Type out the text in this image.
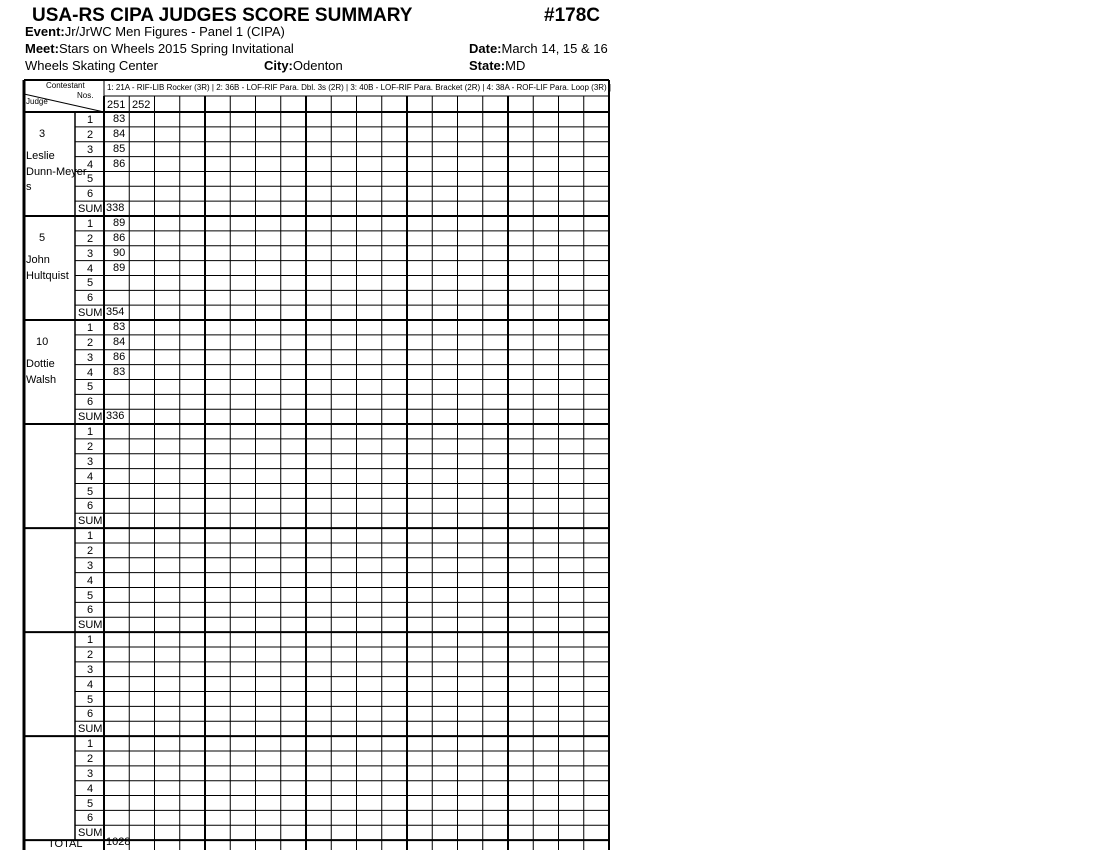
USA-RS CIPA JUDGES SCORE SUMMARY	#178C
Event:Jr/JrWC Men Figures - Panel 1 (CIPA)
Meet:Stars on Wheels 2015 Spring Invitational	Date:March 14, 15 & 16
Wheels Skating Center	City:Odenton	State:MD
Contestant
Nos.
Judge
1: 21A - RIF-LIB Rocker (3R) | 2: 36B - LOF-RIF Para. Dbl. 3s (2R) | 3: 40B - LOF-RIF Para. Bracket (2R) | 4: 38A - ROF-LIF Para. Loop (3R) |
251 252
3
Leslie
Dunn-Meyer
s
1 83
2 84
3 85
4 86
5
6
SUM 338
5
John
Hultquist
1 89
2 86
3 90
4 89
5
6
SUM 354
10
Dottie
Walsh
1 83
2 84
3 86
4 83
5
6
SUM 336
1
2
3
4
5
6
SUM
1
2
3
4
5
6
SUM
1
2
3
4
5
6
SUM
1
2
3
4
5
6
SUM
TOTAL 1028
